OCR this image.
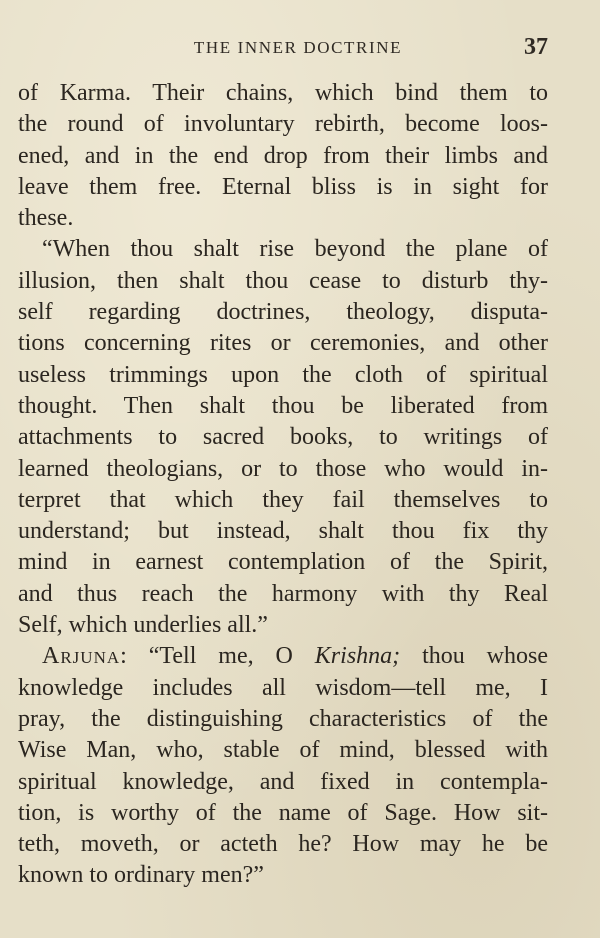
THE INNER DOCTRINE	37
of Karma. Their chains, which bind them to
the round of involuntary rebirth, become loos-
ened, and in the end drop from their limbs and
leave them free. Eternal bliss is in sight for
these.
“When thou shalt rise beyond the plane of
illusion, then shalt thou cease to disturb thy-
self regarding doctrines, theology, disputa-
tions concerning rites or ceremonies, and other
useless trimmings upon the cloth of spiritual
thought. Then shalt thou be liberated from
attachments to sacred books, to writings of
learned theologians, or to those who would in-
terpret that which they fail themselves to
understand; but instead, shalt thou fix thy
mind in earnest contemplation of the Spirit,
and thus reach the harmony with thy Real
Self, which underlies all.”
Arjuna: “Tell me, O Krishna; thou whose
knowledge includes all wisdom—tell me, I
pray, the distinguishing characteristics of the
Wise Man, who, stable of mind, blessed with
spiritual knowledge, and fixed in contempla-
tion, is worthy of the name of Sage. How sit-
teth, moveth, or acteth he? How may he be
known to ordinary men?”
